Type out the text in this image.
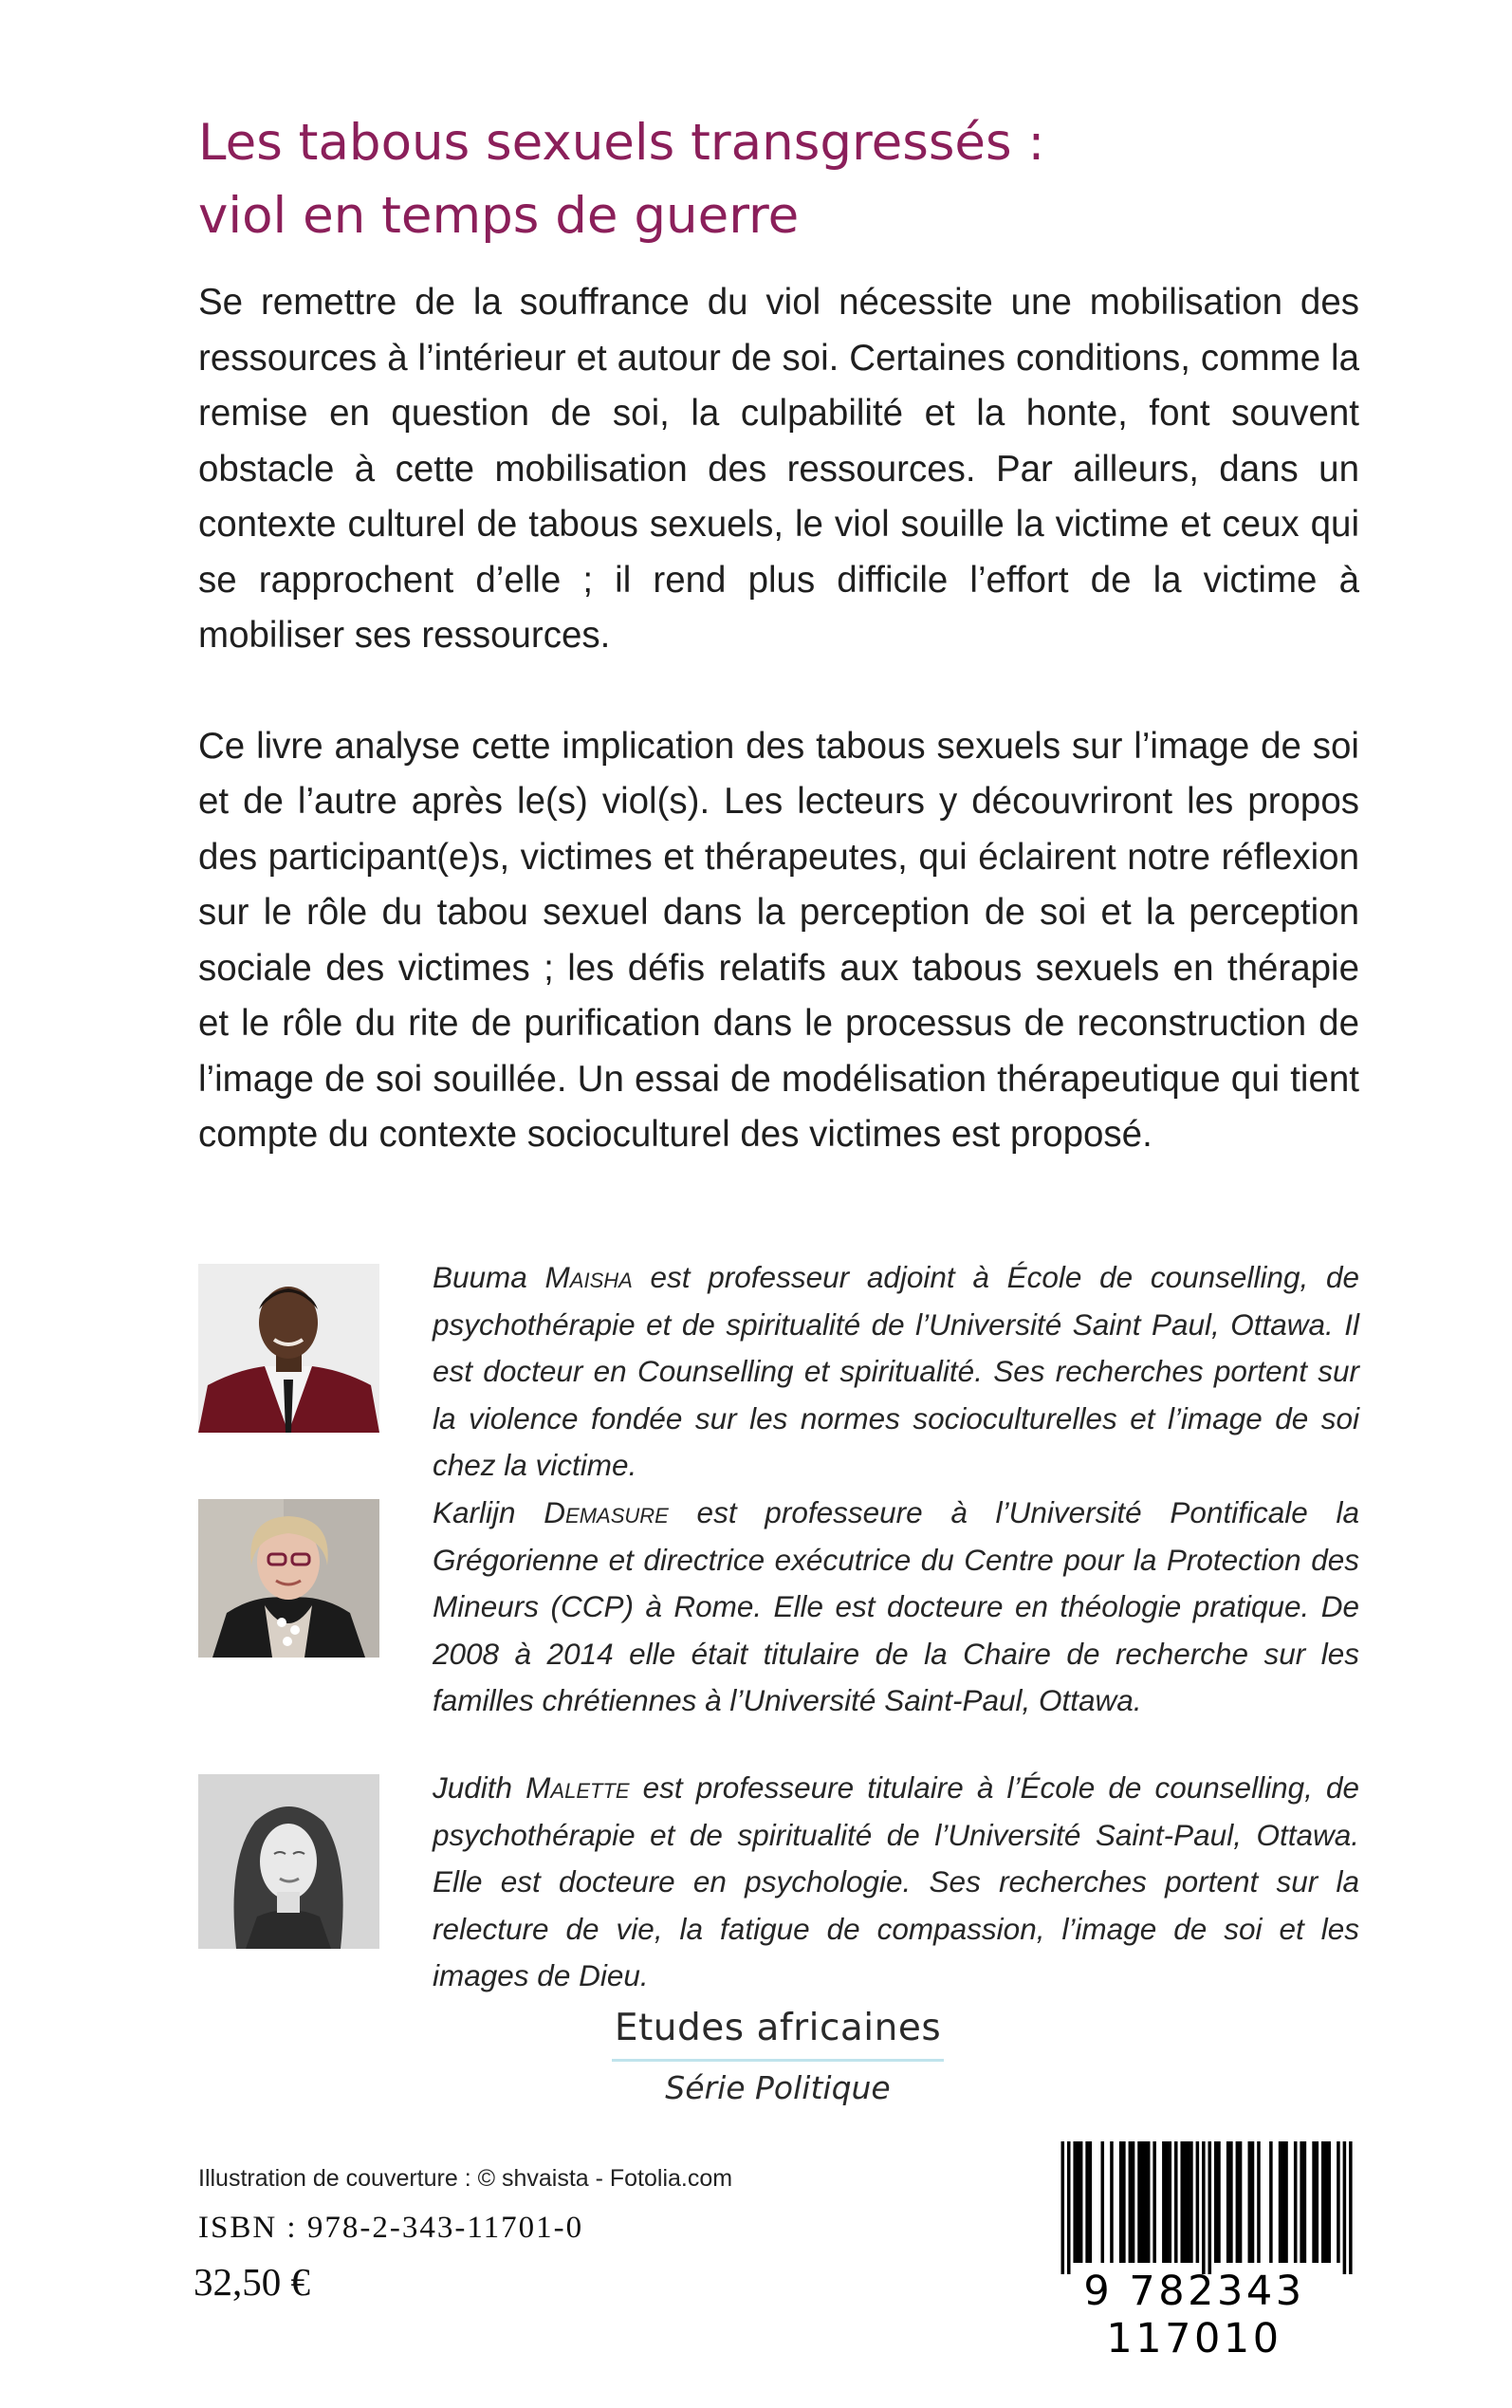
Les tabous sexuels transgressés :
viol en temps de guerre

Se remettre de la souffrance du viol nécessite une mobilisation des ressources à l’intérieur et autour de soi. Certaines conditions, comme la remise en question de soi, la culpabilité et la honte, font souvent obstacle à cette mobilisation des ressources. Par ailleurs, dans un contexte culturel de tabous sexuels, le viol souille la victime et ceux qui se rapprochent d’elle ; il rend plus difficile l’effort de la victime à mobiliser ses ressources.

Ce livre analyse cette implication des tabous sexuels sur l’image de soi et de l’autre après le(s) viol(s). Les lecteurs y découvriront les propos des participant(e)s, victimes et thérapeutes, qui éclairent notre réflexion sur le rôle du tabou sexuel dans la perception de soi et la perception sociale des victimes ; les défis relatifs aux tabous sexuels en thérapie et le rôle du rite de purification dans le processus de reconstruction de l’image de soi souillée. Un essai de modélisation thérapeutique qui tient compte du contexte socioculturel des victimes est proposé.

Buuma Maisha est professeur adjoint à École de counselling, de psychothérapie et de spiritualité de l’Université Saint Paul, Ottawa. Il est docteur en Counselling et spiritualité. Ses recherches portent sur la violence fondée sur les normes socioculturelles et l’image de soi chez la victime.

Karlijn Demasure est professeure à l’Université Pontificale la Grégorienne et directrice exécutrice du Centre pour la Protection des Mineurs (CCP) à Rome. Elle est docteure en théologie pratique. De 2008 à 2014 elle était titulaire de la Chaire de recherche sur les familles chrétiennes à l’Université Saint-Paul, Ottawa.

Judith Malette est professeure titulaire à l’École de counselling, de psychothérapie et de spiritualité de l’Université Saint-Paul, Ottawa. Elle est docteure en psychologie. Ses recherches portent sur la relecture de vie, la fatigue de compassion, l’image de soi et les images de Dieu.

Etudes africaines
Série Politique
Illustration de couverture : © shvaista - Fotolia.com
ISBN : 978-2-343-11701-0
32,50 €	9 782343 117010
